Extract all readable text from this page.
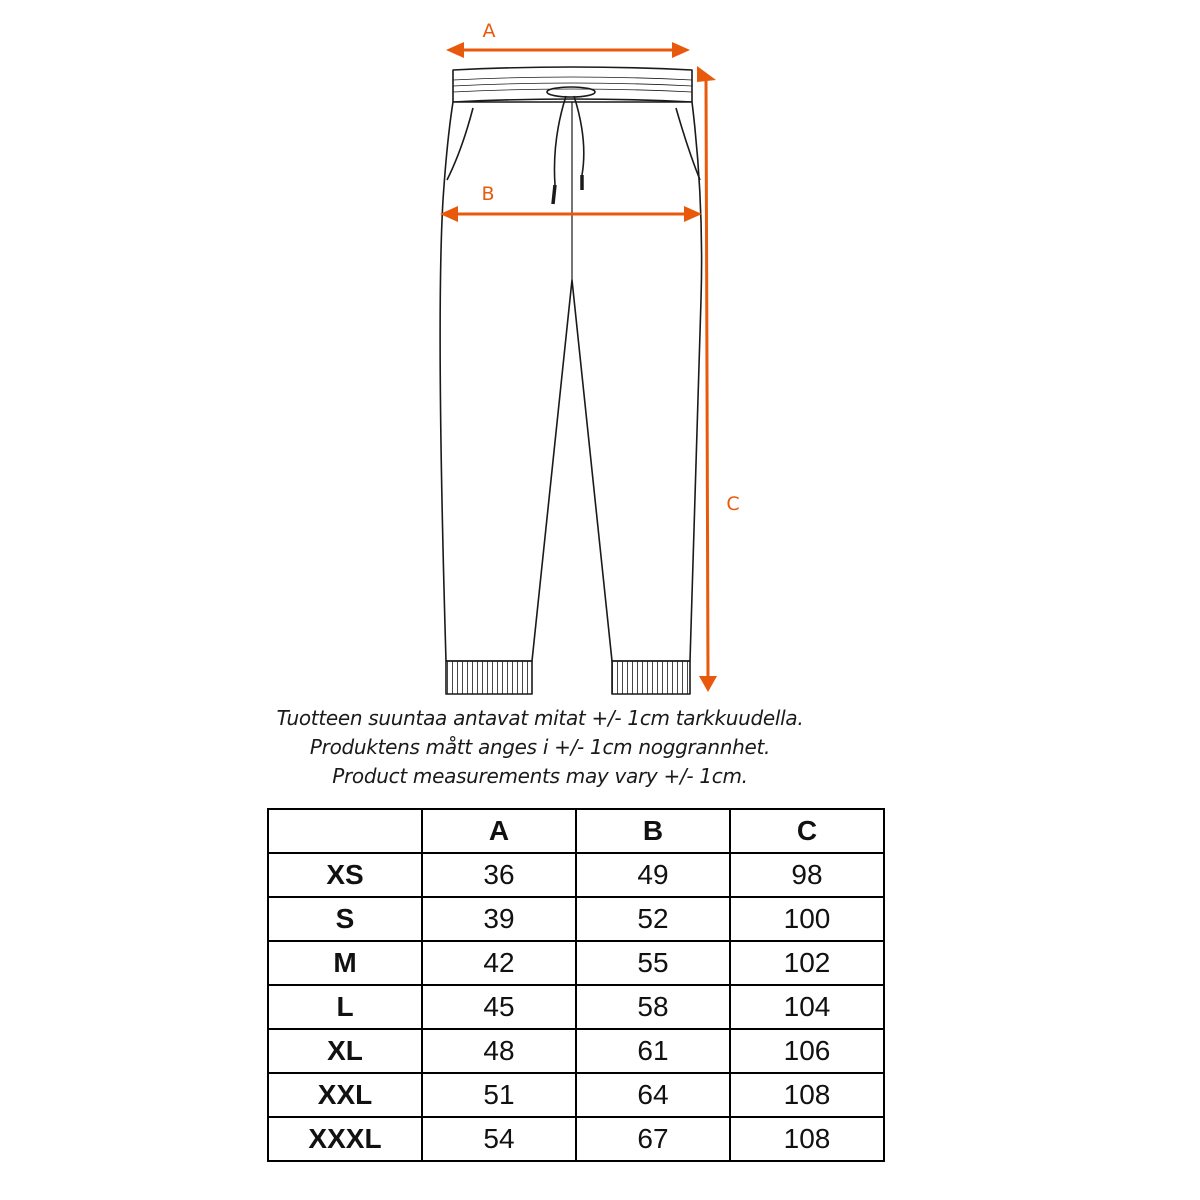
A
B
C
Tuotteen suuntaa antavat mitat +/- 1cm tarkkuudella.
Produktens mått anges i +/- 1cm noggrannhet.
Product measurements may vary +/- 1cm.
	A	B	C
XS	36	49	98
S	39	52	100
M	42	55	102
L	45	58	104
XL	48	61	106
XXL	51	64	108
XXXL	54	67	108
